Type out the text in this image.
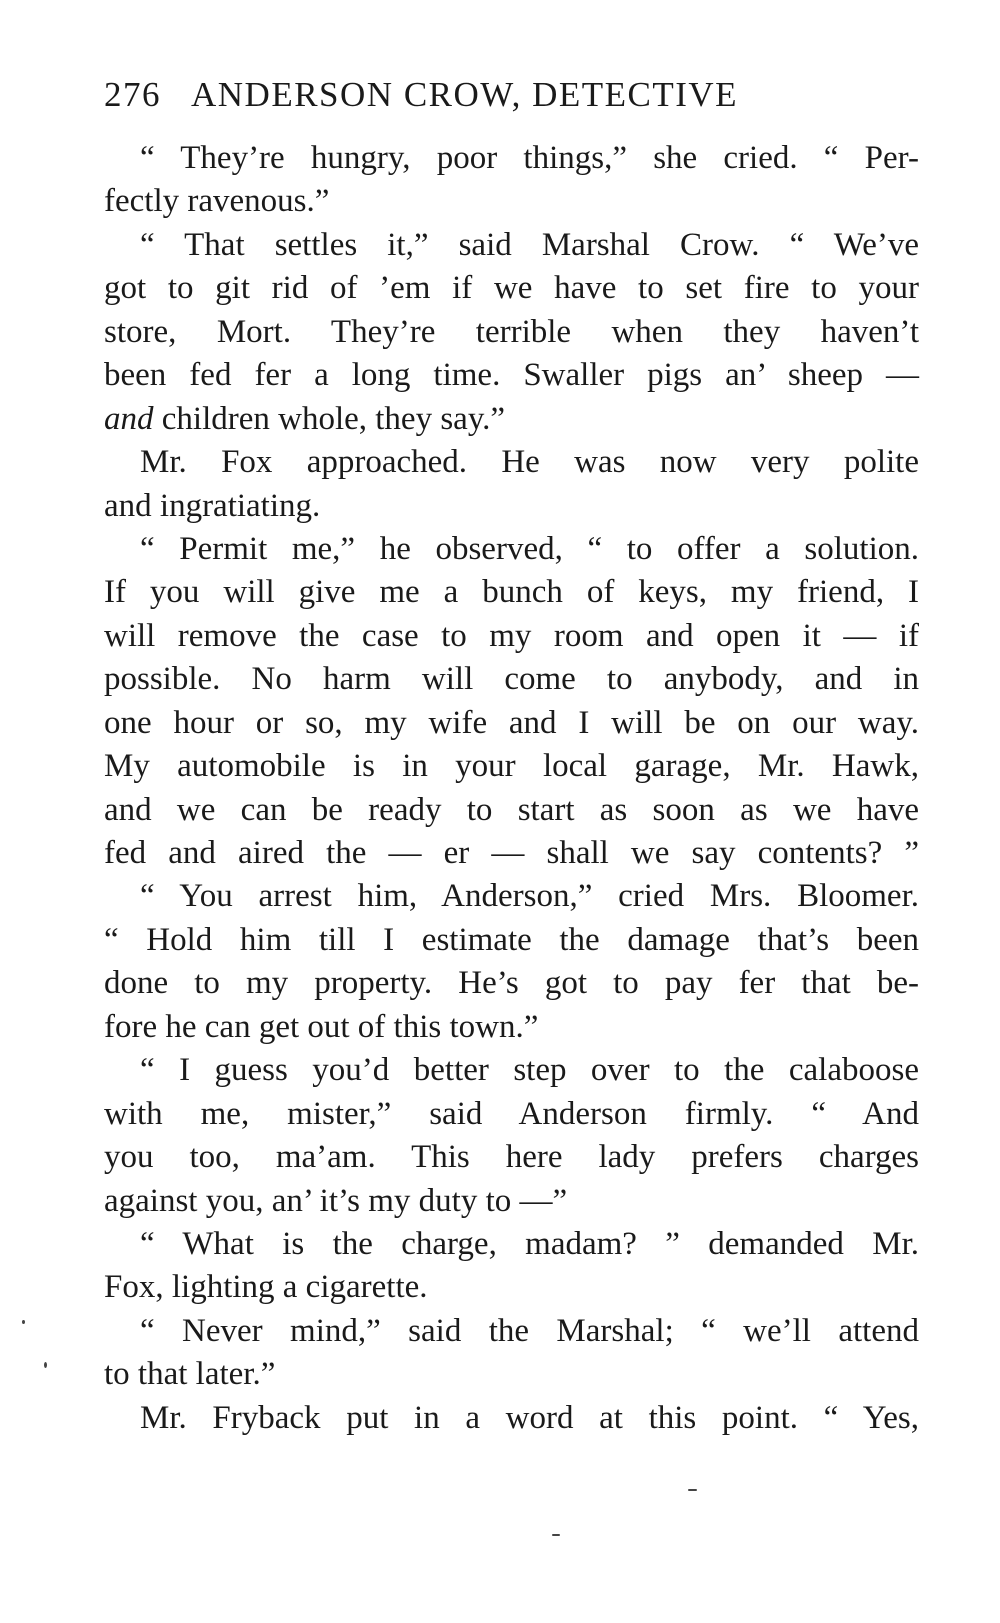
276 ANDERSON CROW, DETECTIVE
“ They’re hungry, poor things,” she cried. “ Per-
fectly ravenous.”
“ That settles it,” said Marshal Crow. “ We’ve
got to git rid of ’em if we have to set fire to your
store, Mort. They’re terrible when they haven’t
been fed fer a long time. Swaller pigs an’ sheep —
and children whole, they say.”
Mr. Fox approached. He was now very polite
and ingratiating.
“ Permit me,” he observed, “ to offer a solution.
If you will give me a bunch of keys, my friend, I
will remove the case to my room and open it — if
possible. No harm will come to anybody, and in
one hour or so, my wife and I will be on our way.
My automobile is in your local garage, Mr. Hawk,
and we can be ready to start as soon as we have
fed and aired the — er — shall we say contents? ”
“ You arrest him, Anderson,” cried Mrs. Bloomer.
“ Hold him till I estimate the damage that’s been
done to my property. He’s got to pay fer that be-
fore he can get out of this town.”
“ I guess you’d better step over to the calaboose
with me, mister,” said Anderson firmly. “ And
you too, ma’am. This here lady prefers charges
against you, an’ it’s my duty to —”
“ What is the charge, madam? ” demanded Mr.
Fox, lighting a cigarette.
“ Never mind,” said the Marshal; “ we’ll attend
to that later.”
Mr. Fryback put in a word at this point. “ Yes,
